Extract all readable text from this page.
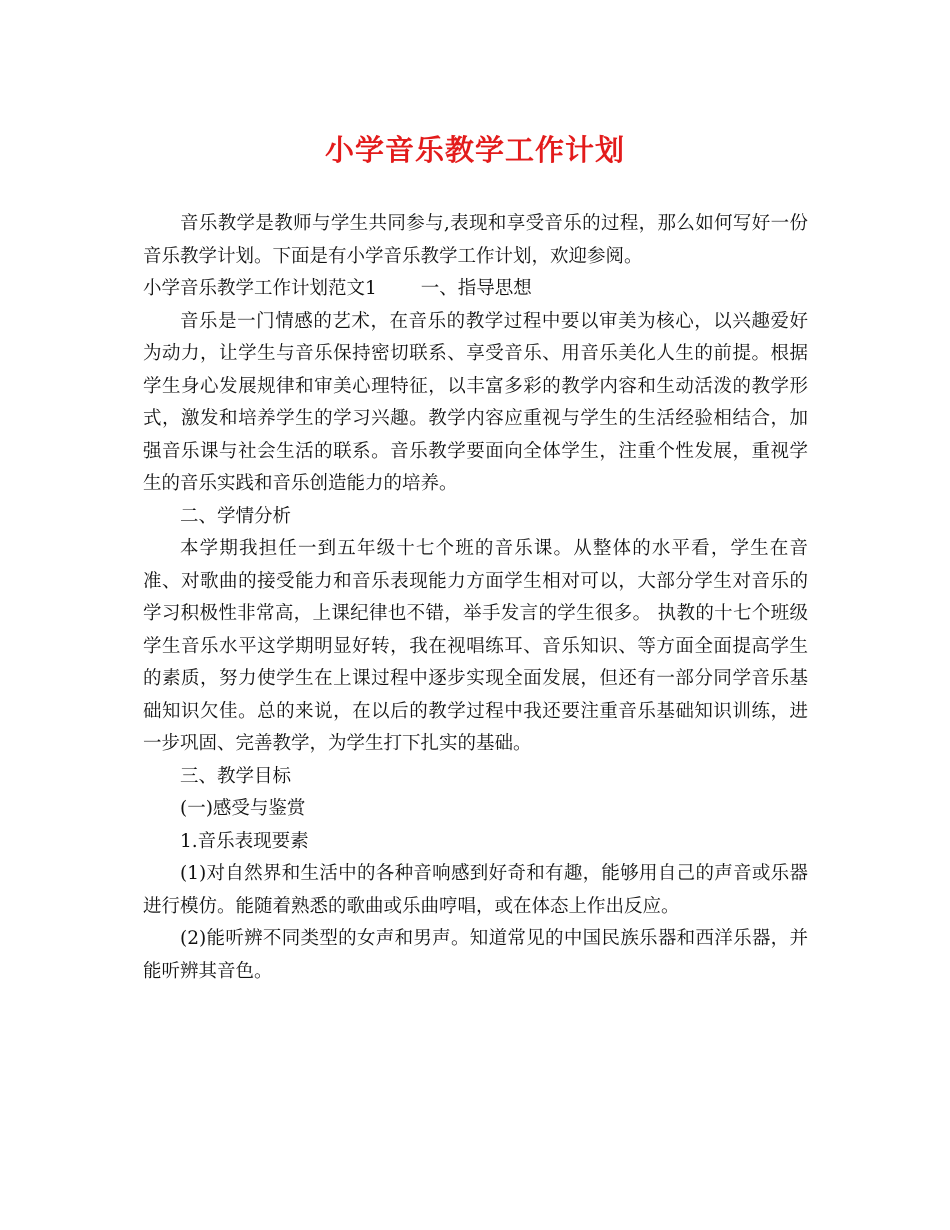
小学音乐教学工作计划

音乐教学是教师与学生共同参与,表现和享受音乐的过程，那么如何写好一份音乐教学计划。下面是有小学音乐教学工作计划，欢迎参阅。

小学音乐教学工作计划范文1 一、指导思想

音乐是一门情感的艺术，在音乐的教学过程中要以审美为核心，以兴趣爱好为动力，让学生与音乐保持密切联系、享受音乐、用音乐美化人生的前提。根据学生身心发展规律和审美心理特征，以丰富多彩的教学内容和生动活泼的教学形式，激发和培养学生的学习兴趣。教学内容应重视与学生的生活经验相结合，加强音乐课与社会生活的联系。音乐教学要面向全体学生，注重个性发展，重视学生的音乐实践和音乐创造能力的培养。

二、学情分析

本学期我担任一到五年级十七个班的音乐课。从整体的水平看，学生在音准、对歌曲的接受能力和音乐表现能力方面学生相对可以，大部分学生对音乐的学习积极性非常高，上课纪律也不错，举手发言的学生很多。 执教的十七个班级学生音乐水平这学期明显好转，我在视唱练耳、音乐知识、等方面全面提高学生的素质，努力使学生在上课过程中逐步实现全面发展，但还有一部分同学音乐基础知识欠佳。总的来说，在以后的教学过程中我还要注重音乐基础知识训练，进一步巩固、完善教学，为学生打下扎实的基础。

三、教学目标

(一)感受与鉴赏

1.音乐表现要素

(1)对自然界和生活中的各种音响感到好奇和有趣，能够用自己的声音或乐器进行模仿。能随着熟悉的歌曲或乐曲哼唱，或在体态上作出反应。

(2)能听辨不同类型的女声和男声。知道常见的中国民族乐器和西洋乐器，并能听辨其音色。
